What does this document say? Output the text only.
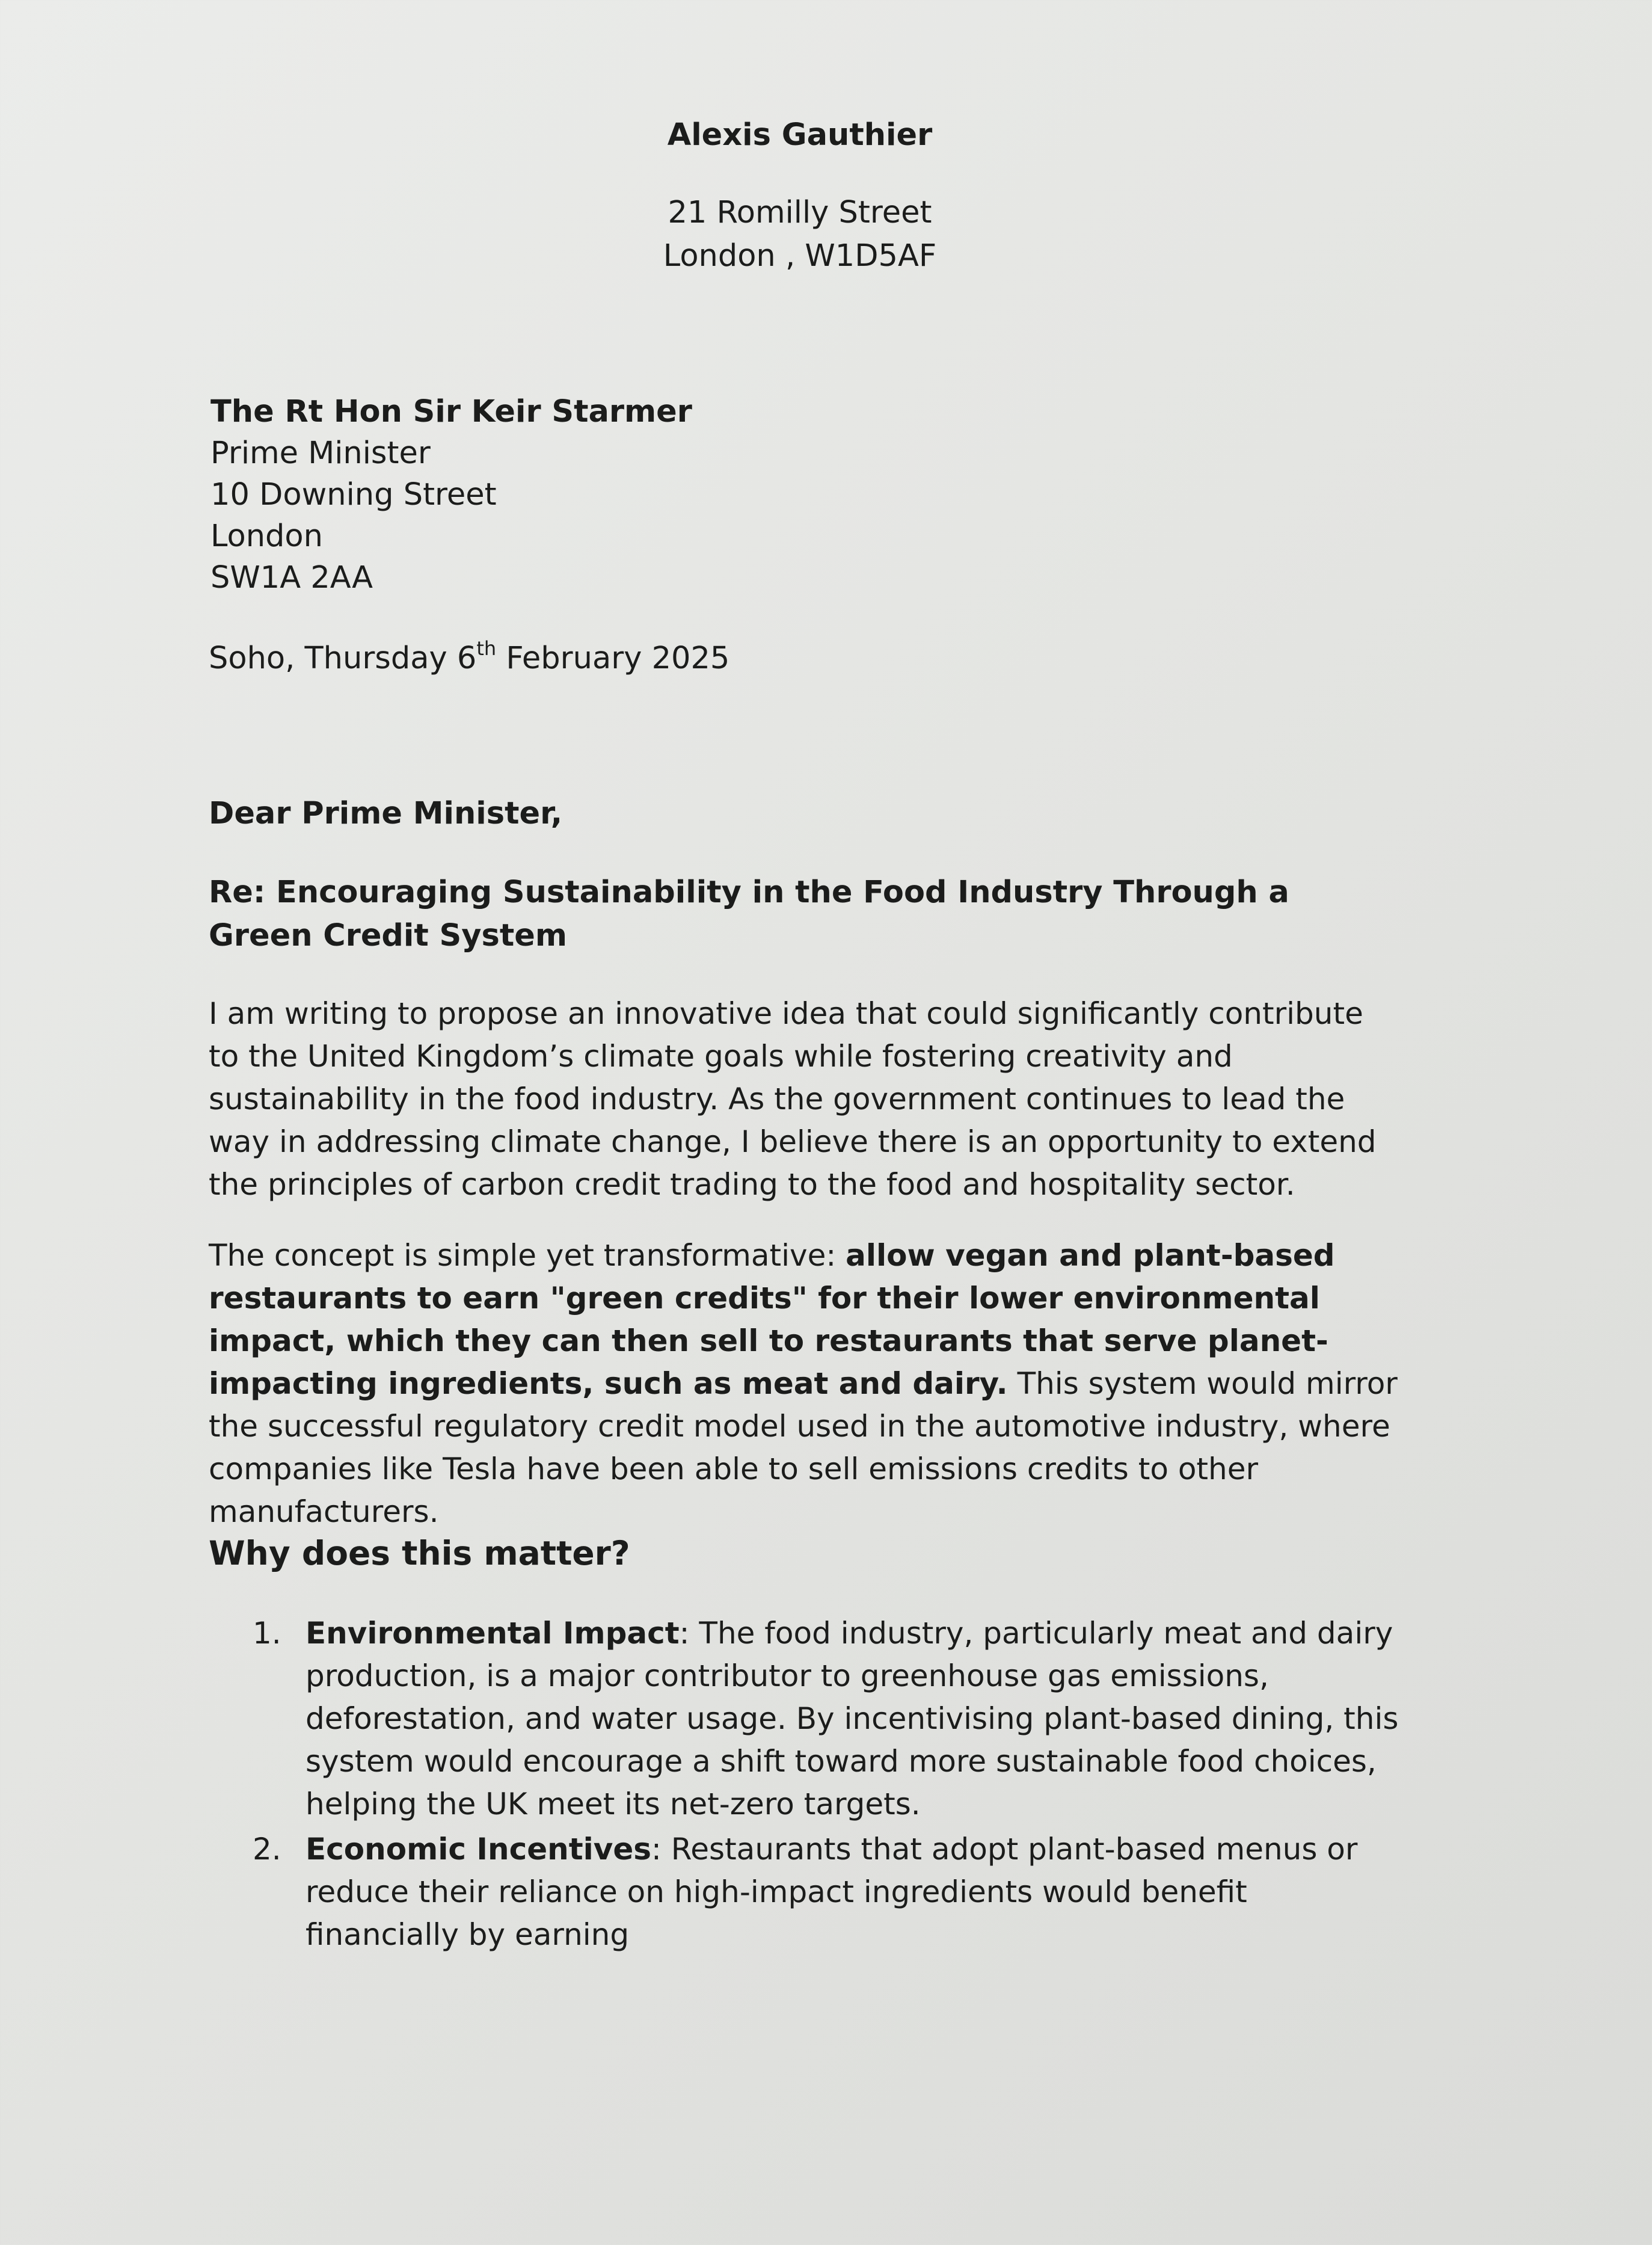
Alexis Gauthier
21 Romilly Street
London , W1D5AF
The Rt Hon Sir Keir Starmer
Prime Minister
10 Downing Street
London
SW1A 2AA
Soho, Thursday 6th February 2025
Dear Prime Minister,
Re: Encouraging Sustainability in the Food Industry Through a Green Credit System
I am writing to propose an innovative idea that could significantly contribute to the United Kingdom’s climate goals while fostering creativity and sustainability in the food industry. As the government continues to lead the way in addressing climate change, I believe there is an opportunity to extend the principles of carbon credit trading to the food and hospitality sector.
The concept is simple yet transformative: allow vegan and plant-based restaurants to earn "green credits" for their lower environmental impact, which they can then sell to restaurants that serve planet-impacting ingredients, such as meat and dairy. This system would mirror the successful regulatory credit model used in the automotive industry, where companies like Tesla have been able to sell emissions credits to other manufacturers.
Why does this matter?
1. Environmental Impact: The food industry, particularly meat and dairy production, is a major contributor to greenhouse gas emissions, deforestation, and water usage. By incentivising plant-based dining, this system would encourage a shift toward more sustainable food choices, helping the UK meet its net-zero targets.
2. Economic Incentives: Restaurants that adopt plant-based menus or reduce their reliance on high-impact ingredients would benefit financially by earning
